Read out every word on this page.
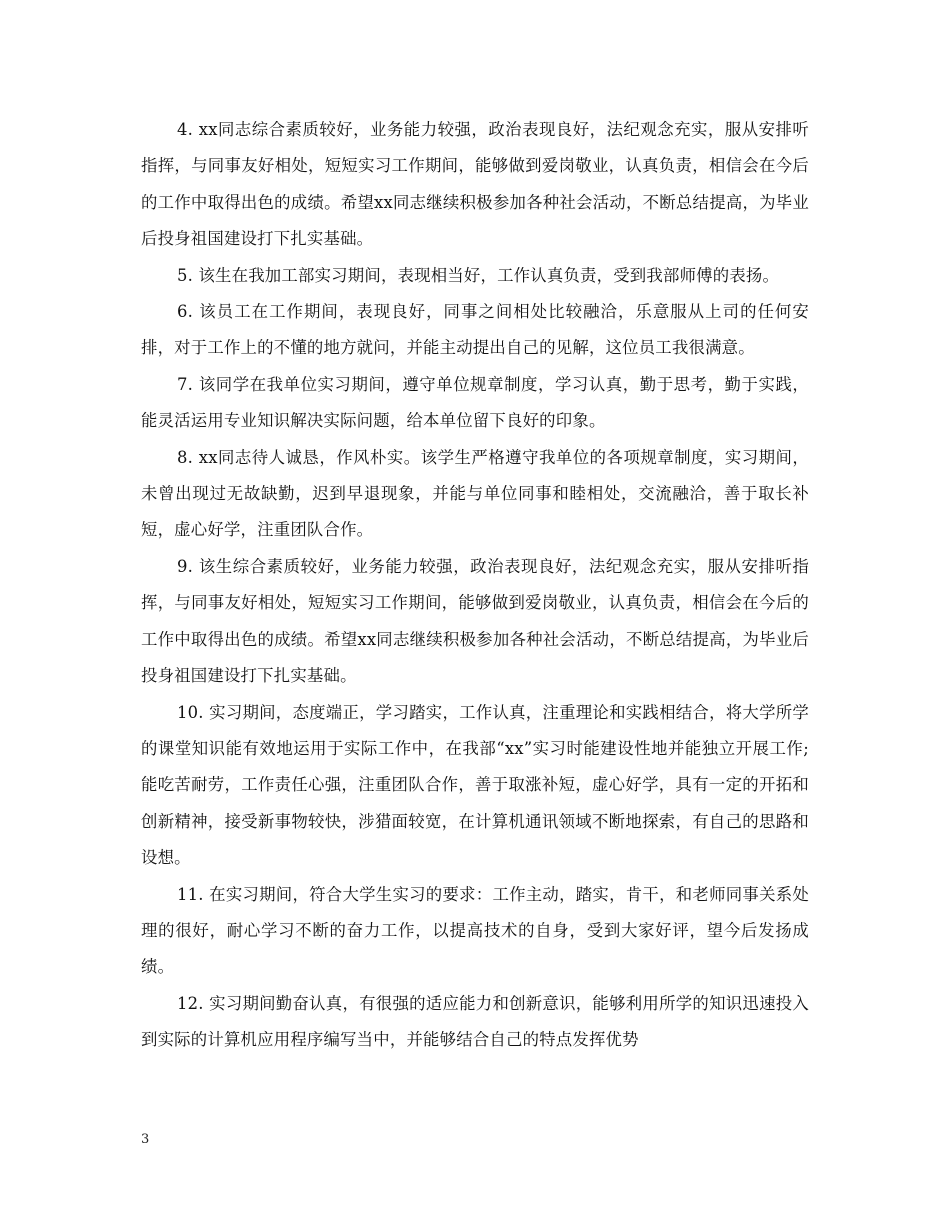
4. xx同志综合素质较好，业务能力较强，政治表现良好，法纪观念充实，服从安排听指挥，与同事友好相处，短短实习工作期间，能够做到爱岗敬业，认真负责，相信会在今后的工作中取得出色的成绩。希望xx同志继续积极参加各种社会活动，不断总结提高，为毕业后投身祖国建设打下扎实基础。

5. 该生在我加工部实习期间，表现相当好，工作认真负责，受到我部师傅的表扬。

6. 该员工在工作期间，表现良好，同事之间相处比较融洽，乐意服从上司的任何安排，对于工作上的不懂的地方就问，并能主动提出自己的见解，这位员工我很满意。

7. 该同学在我单位实习期间，遵守单位规章制度，学习认真，勤于思考，勤于实践，能灵活运用专业知识解决实际问题，给本单位留下良好的印象。

8. xx同志待人诚恳，作风朴实。该学生严格遵守我单位的各项规章制度，实习期间，未曾出现过无故缺勤，迟到早退现象，并能与单位同事和睦相处，交流融洽，善于取长补短，虚心好学，注重团队合作。

9. 该生综合素质较好，业务能力较强，政治表现良好，法纪观念充实，服从安排听指挥，与同事友好相处，短短实习工作期间，能够做到爱岗敬业，认真负责，相信会在今后的工作中取得出色的成绩。希望xx同志继续积极参加各种社会活动，不断总结提高，为毕业后投身祖国建设打下扎实基础。

10. 实习期间，态度端正，学习踏实，工作认真，注重理论和实践相结合，将大学所学的课堂知识能有效地运用于实际工作中，在我部“xx”实习时能建设性地并能独立开展工作;能吃苦耐劳，工作责任心强，注重团队合作，善于取涨补短，虚心好学，具有一定的开拓和创新精神，接受新事物较快，涉猎面较宽，在计算机通讯领域不断地探索，有自己的思路和设想。

11. 在实习期间，符合大学生实习的要求：工作主动，踏实，肯干，和老师同事关系处理的很好，耐心学习不断的奋力工作，以提高技术的自身，受到大家好评，望今后发扬成绩。

12. 实习期间勤奋认真，有很强的适应能力和创新意识，能够利用所学的知识迅速投入到实际的计算机应用程序编写当中，并能够结合自己的特点发挥优势

3
